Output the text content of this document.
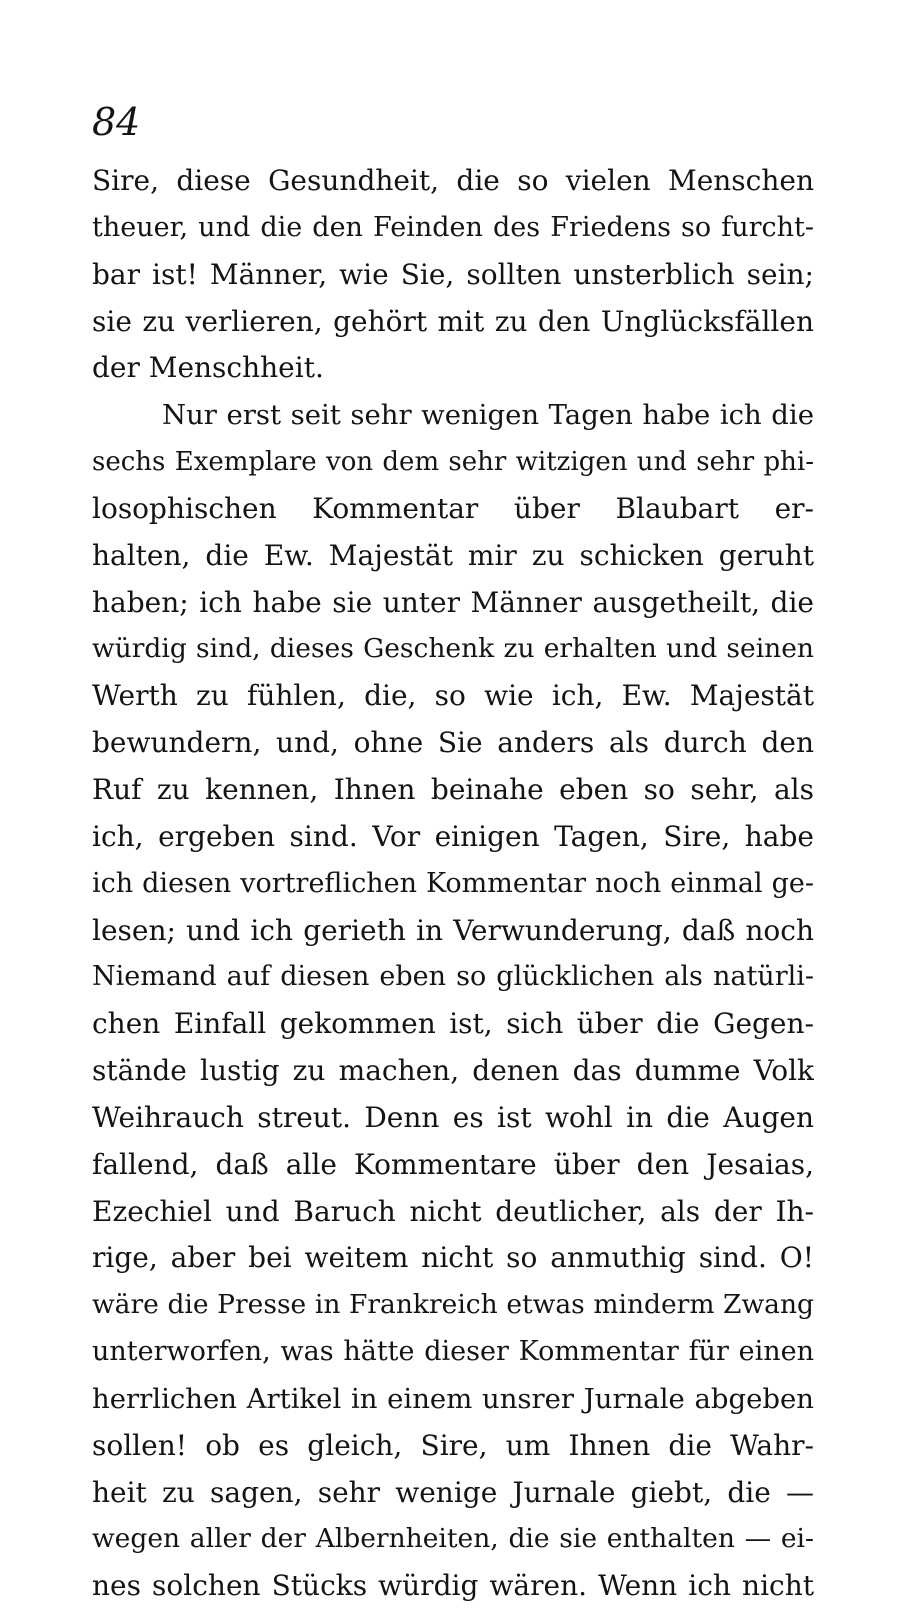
84
Sire, diese Gesundheit, die so vielen Menschen
theuer, und die den Feinden des Friedens so furcht-
bar ist! Männer, wie Sie, sollten unsterblich sein;
sie zu verlieren, gehört mit zu den Unglücksfällen
der Menschheit.
Nur erst seit sehr wenigen Tagen habe ich die
sechs Exemplare von dem sehr witzigen und sehr phi-
losophischen Kommentar über Blaubart er-
halten, die Ew. Majestät mir zu schicken geruht
haben; ich habe sie unter Männer ausgetheilt, die
würdig sind, dieses Geschenk zu erhalten und seinen
Werth zu fühlen, die, so wie ich, Ew. Majestät
bewundern, und, ohne Sie anders als durch den
Ruf zu kennen, Ihnen beinahe eben so sehr, als
ich, ergeben sind. Vor einigen Tagen, Sire, habe
ich diesen vortreflichen Kommentar noch einmal ge-
lesen; und ich gerieth in Verwunderung, daß noch
Niemand auf diesen eben so glücklichen als natürli-
chen Einfall gekommen ist, sich über die Gegen-
stände lustig zu machen, denen das dumme Volk
Weihrauch streut. Denn es ist wohl in die Augen
fallend, daß alle Kommentare über den Jesaias,
Ezechiel und Baruch nicht deutlicher, als der Ih-
rige, aber bei weitem nicht so anmuthig sind. O!
wäre die Presse in Frankreich etwas minderm Zwang
unterworfen, was hätte dieser Kommentar für einen
herrlichen Artikel in einem unsrer Jurnale abgeben
sollen! ob es gleich, Sire, um Ihnen die Wahr-
heit zu sagen, sehr wenige Jurnale giebt, die —
wegen aller der Albernheiten, die sie enthalten — ei-
nes solchen Stücks würdig wären. Wenn ich nicht
